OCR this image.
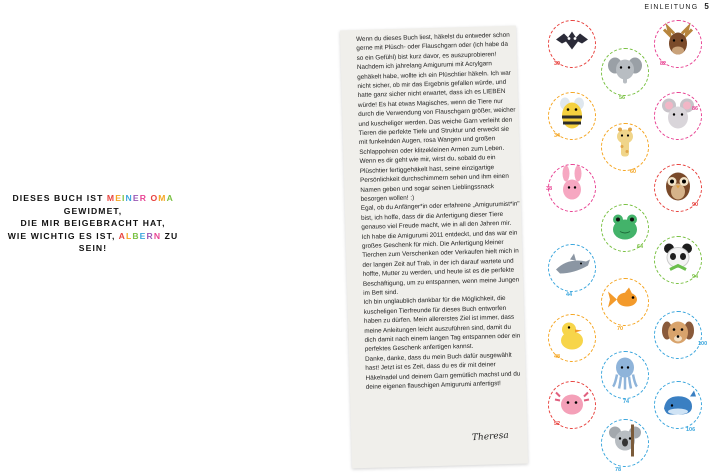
EINLEITUNG 5
DIESES BUCH IST MEINER OMA GEWIDMET,
DIE MIR BEIGEBRACHT HAT,
WIE WICHTIG ES IST, ALBERN ZU SEIN!

Wenn du dieses Buch liest, häkelst du entweder schon gerne mit Plüsch- oder Flauschgarn oder (ich habe da so ein Gefühl) bist kurz davor, es auszuprobieren!

Nachdem ich jahrelang Amigurumi mit Acrylgarn gehäkelt habe, wollte ich ein Plüschtier häkeln. Ich war nicht sicher, ob mir das Ergebnis gefallen würde, und hatte ganz sicher nicht erwartet, dass ich es LIEBEN würde! Es hat etwas Magisches, wenn die Tiere nur durch die Verwendung von Flauschgarn größer, weicher und kuscheliger werden. Das weiche Garn verleiht den Tieren die perfekte Tiefe und Struktur und erweckt sie mit funkelnden Augen, rosa Wangen und großen Schlappohren oder klitzekleinen Armen zum Leben. Wenn es dir geht wie mir, wirst du, sobald du ein Plüschtier fertiggehäkelt hast, seine einzigartige Persönlichkeit durchschimmern sehen und ihm einen Namen geben und sogar seinen Lieblingssnack besorgen wollen! :)

Egal, ob du Anfänger*in oder erfahrene „Amigurumist*in" bist, ich hoffe, dass dir die Anfertigung dieser Tiere genauso viel Freude macht, wie in all den Jahren mir. Ich habe die Amigurumi 2011 entdeckt, und das war ein großes Geschenk für mich. Die Anfertigung kleiner Tierchen zum Verschenken oder Verkaufen hielt mich in der langen Zeit auf Trab, in der ich darauf wartete und hoffte, Mutter zu werden, und heute ist es die perfekte Beschäftigung, um zu entspannen, wenn meine Jungen im Bett sind.

Ich bin unglaublich dankbar für die Möglichkeit, die kuscheligen Tierfreunde für dieses Buch entworfen haben zu dürfen. Mein allererstes Ziel ist immer, dass meine Anleitungen leicht auszuführen sind, damit du dich damit nach einem langen Tag entspannen oder ein perfektes Geschenk anfertigen kannst.

Danke, danke, dass du mein Buch dafür ausgewählt hast! Jetzt ist es Zeit, dass du es dir mit deiner Häkelnadel und deinem Garn gemütlich machst und du deine eigenen flauschigen Amigurumi anfertigst!

Theresa
30	82
56
34
86
60
90
38
64
94
44
70
100
48
74
52
106
78
